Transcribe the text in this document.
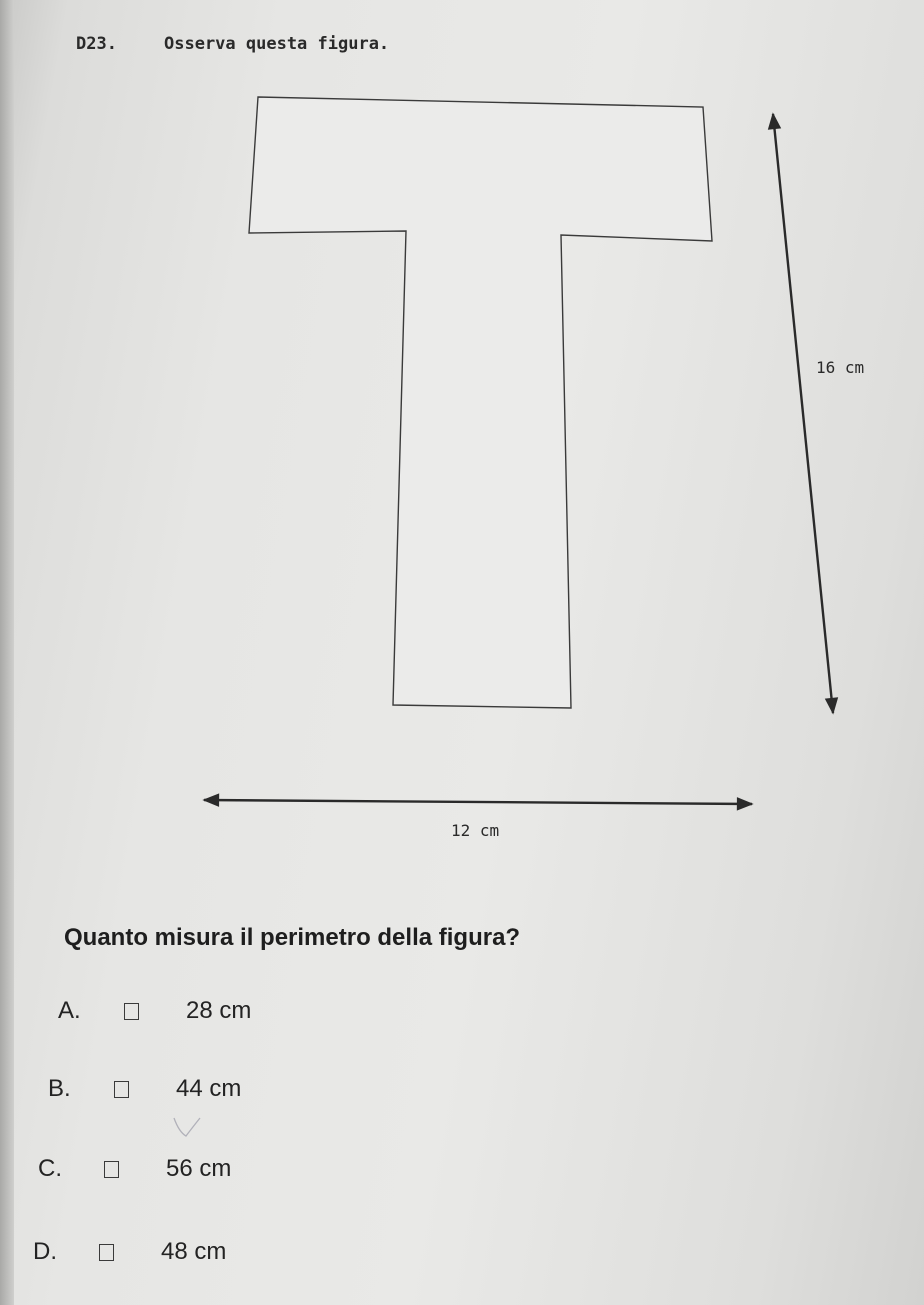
D23.	Osserva questa figura.
16 cm
12 cm
Quanto misura il perimetro della figura?
A.	28 cm
B.	44 cm
C.	56 cm
D.	48 cm
